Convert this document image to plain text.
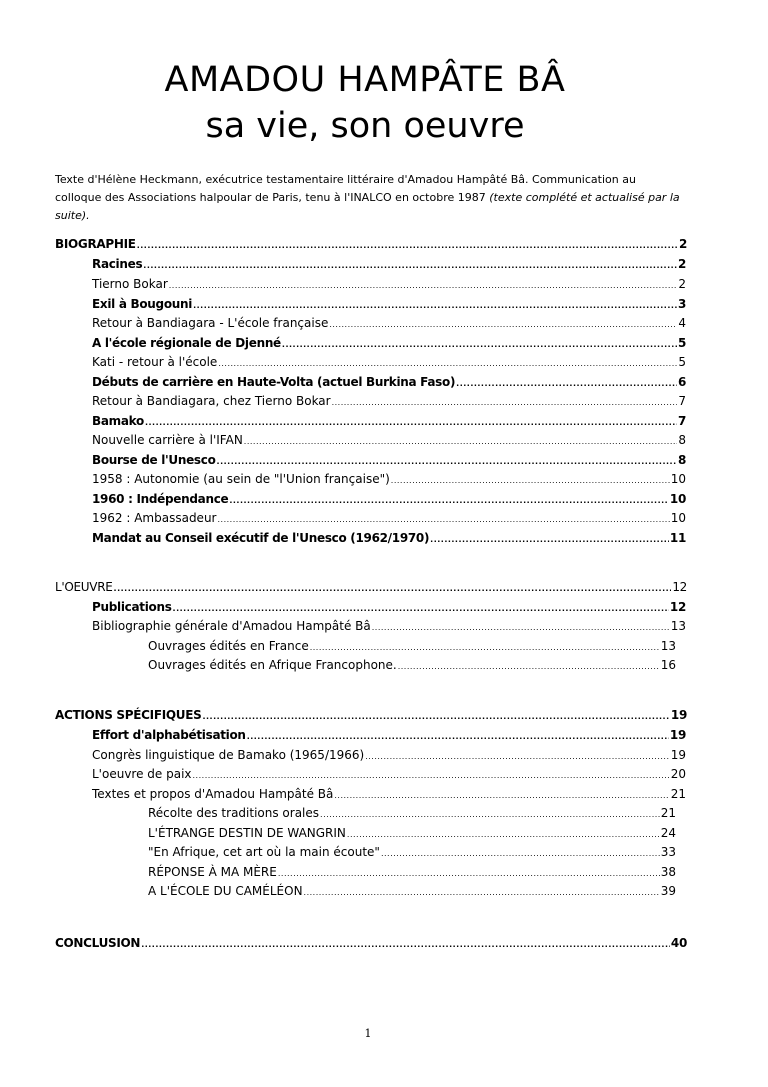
AMADOU HAMPÂTE BÂ
sa vie, son oeuvre
Texte d'Hélène Heckmann, exécutrice testamentaire littéraire d'Amadou Hampâté Bâ. Communication au colloque des Associations halpoular de Paris, tenu à l'INALCO en octobre 1987 (texte complété et actualisé par la suite).
BIOGRAPHIE .....	2
Racines .....	2
Tierno Bokar .....	2
Exil à Bougouni .....	3
Retour à Bandiagara - L'école française .....	4
A l'école régionale de Djenné .....	5
Kati - retour à l'école .....	5
Débuts de carrière en Haute-Volta (actuel Burkina Faso) .....	6
Retour à Bandiagara, chez Tierno Bokar .....	7
Bamako .....	7
Nouvelle carrière à l'IFAN .....	8
Bourse de l'Unesco .....	8
1958 : Autonomie (au sein de "l'Union française") .....	10
1960 : Indépendance .....	10
1962 : Ambassadeur .....	10
Mandat au Conseil exécutif de l'Unesco (1962/1970) .....	11
L'OEUVRE .....	12
Publications .....	12
Bibliographie générale d'Amadou Hampâté Bâ .....	13
Ouvrages édités en France .....	13
Ouvrages édités en Afrique Francophone. .....	16
ACTIONS SPÉCIFIQUES .....	19
Effort d'alphabétisation .....	19
Congrès linguistique de Bamako (1965/1966) .....	19
L'oeuvre de paix .....	20
Textes et propos d'Amadou Hampâté Bâ .....	21
Récolte des traditions orales .....	21
L'ÉTRANGE DESTIN DE WANGRIN .....	24
"En Afrique, cet art où la main écoute" .....	33
RÉPONSE À MA MÈRE .....	38
A L'ÉCOLE DU CAMÉLÉON .....	39
CONCLUSION .....	40
1
